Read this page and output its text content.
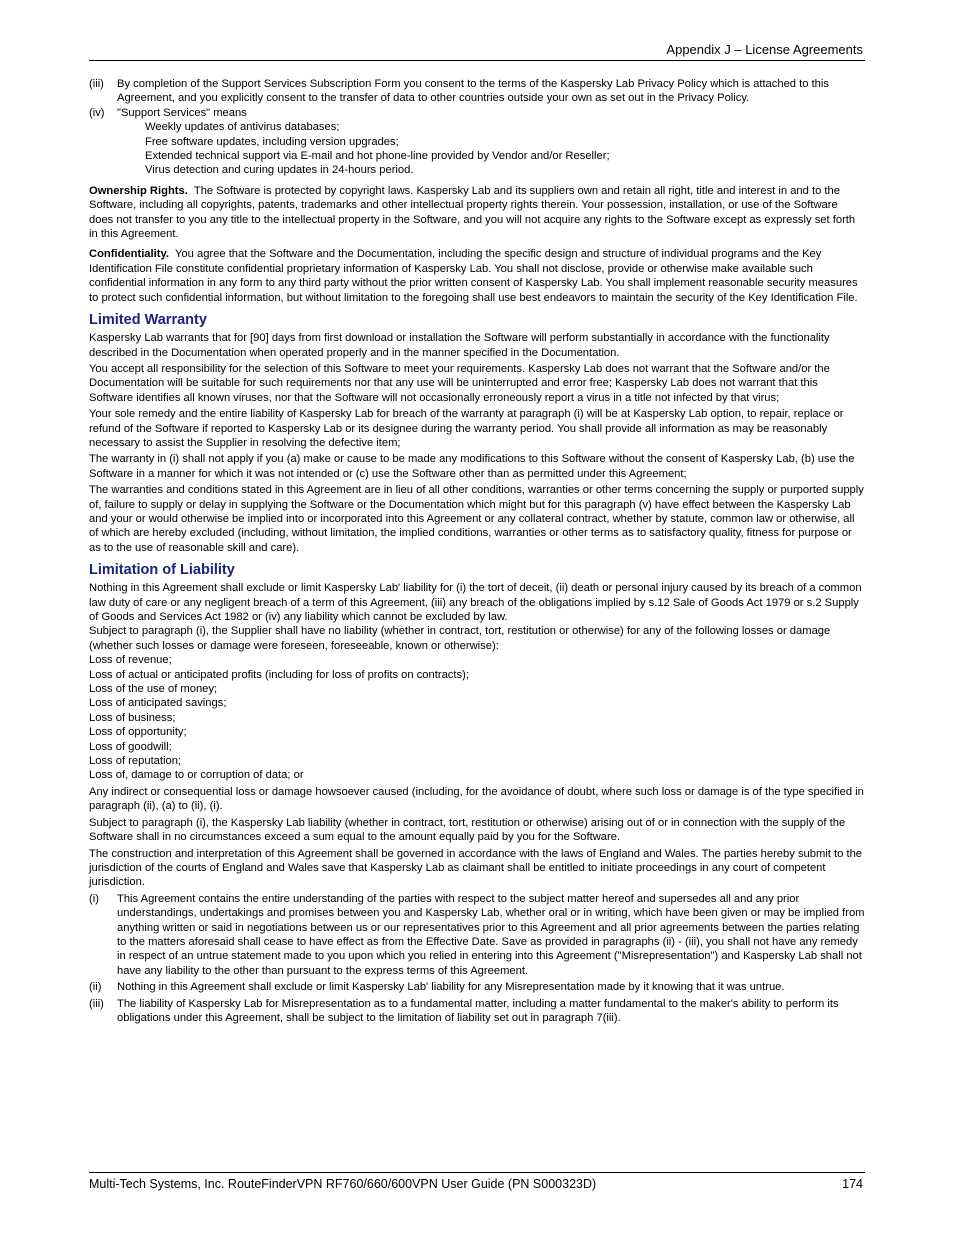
Appendix J – License Agreements
(iii) By completion of the Support Services Subscription Form you consent to the terms of the Kaspersky Lab Privacy Policy which is attached to this Agreement, and you explicitly consent to the transfer of data to other countries outside your own as set out in the Privacy Policy.
(iv) "Support Services" means

Weekly updates of antivirus databases;

Free software updates, including version upgrades;

Extended technical support via E-mail and hot phone-line provided by Vendor and/or Reseller;

Virus detection and curing updates in 24-hours period.

Ownership Rights. The Software is protected by copyright laws. Kaspersky Lab and its suppliers own and retain all right, title and interest in and to the Software, including all copyrights, patents, trademarks and other intellectual property rights therein. Your possession, installation, or use of the Software does not transfer to you any title to the intellectual property in the Software, and you will not acquire any rights to the Software except as expressly set forth in this Agreement.

Confidentiality. You agree that the Software and the Documentation, including the specific design and structure of individual programs and the Key Identification File constitute confidential proprietary information of Kaspersky Lab. You shall not disclose, provide or otherwise make available such confidential information in any form to any third party without the prior written consent of Kaspersky Lab. You shall implement reasonable security measures to protect such confidential information, but without limitation to the foregoing shall use best endeavors to maintain the security of the Key Identification File.

Limited Warranty

Kaspersky Lab warrants that for [90] days from first download or installation the Software will perform substantially in accordance with the functionality described in the Documentation when operated properly and in the manner specified in the Documentation.

You accept all responsibility for the selection of this Software to meet your requirements. Kaspersky Lab does not warrant that the Software and/or the Documentation will be suitable for such requirements nor that any use will be uninterrupted and error free; Kaspersky Lab does not warrant that this Software identifies all known viruses, nor that the Software will not occasionally erroneously report a virus in a title not infected by that virus;

Your sole remedy and the entire liability of Kaspersky Lab for breach of the warranty at paragraph (i) will be at Kaspersky Lab option, to repair, replace or refund of the Software if reported to Kaspersky Lab or its designee during the warranty period. You shall provide all information as may be reasonably necessary to assist the Supplier in resolving the defective item;

The warranty in (i) shall not apply if you (a) make or cause to be made any modifications to this Software without the consent of Kaspersky Lab, (b) use the Software in a manner for which it was not intended or (c) use the Software other than as permitted under this Agreement;

The warranties and conditions stated in this Agreement are in lieu of all other conditions, warranties or other terms concerning the supply or purported supply of, failure to supply or delay in supplying the Software or the Documentation which might but for this paragraph (v) have effect between the Kaspersky Lab and your or would otherwise be implied into or incorporated into this Agreement or any collateral contract, whether by statute, common law or otherwise, all of which are hereby excluded (including, without limitation, the implied conditions, warranties or other terms as to satisfactory quality, fitness for purpose or as to the use of reasonable skill and care).

Limitation of Liability

Nothing in this Agreement shall exclude or limit Kaspersky Lab' liability for (i) the tort of deceit, (ii) death or personal injury caused by its breach of a common law duty of care or any negligent breach of a term of this Agreement, (iii) any breach of the obligations implied by s.12 Sale of Goods Act 1979 or s.2 Supply of Goods and Services Act 1982 or (iv) any liability which cannot be excluded by law.

Subject to paragraph (i), the Supplier shall have no liability (whether in contract, tort, restitution or otherwise) for any of the following losses or damage (whether such losses or damage were foreseen, foreseeable, known or otherwise):

Loss of revenue;

Loss of actual or anticipated profits (including for loss of profits on contracts);

Loss of the use of money;

Loss of anticipated savings;

Loss of business;

Loss of opportunity;

Loss of goodwill;

Loss of reputation;

Loss of, damage to or corruption of data; or

Any indirect or consequential loss or damage howsoever caused (including, for the avoidance of doubt, where such loss or damage is of the type specified in paragraph (ii), (a) to (ii), (i).

Subject to paragraph (i), the Kaspersky Lab liability (whether in contract, tort, restitution or otherwise) arising out of or in connection with the supply of the Software shall in no circumstances exceed a sum equal to the amount equally paid by you for the Software.

The construction and interpretation of this Agreement shall be governed in accordance with the laws of England and Wales. The parties hereby submit to the jurisdiction of the courts of England and Wales save that Kaspersky Lab as claimant shall be entitled to initiate proceedings in any court of competent jurisdiction.

(i) This Agreement contains the entire understanding of the parties with respect to the subject matter hereof and supersedes all and any prior understandings, undertakings and promises between you and Kaspersky Lab, whether oral or in writing, which have been given or may be implied from anything written or said in negotiations between us or our representatives prior to this Agreement and all prior agreements between the parties relating to the matters aforesaid shall cease to have effect as from the Effective Date. Save as provided in paragraphs (ii) - (iii), you shall not have any remedy in respect of an untrue statement made to you upon which you relied in entering into this Agreement ("Misrepresentation") and Kaspersky Lab shall not have any liability to the other than pursuant to the express terms of this Agreement.
(ii) Nothing in this Agreement shall exclude or limit Kaspersky Lab' liability for any Misrepresentation made by it knowing that it was untrue.
(iii) The liability of Kaspersky Lab for Misrepresentation as to a fundamental matter, including a matter fundamental to the maker's ability to perform its obligations under this Agreement, shall be subject to the limitation of liability set out in paragraph 7(iii).
Multi-Tech Systems, Inc. RouteFinderVPN RF760/660/600VPN User Guide (PN S000323D)	174
